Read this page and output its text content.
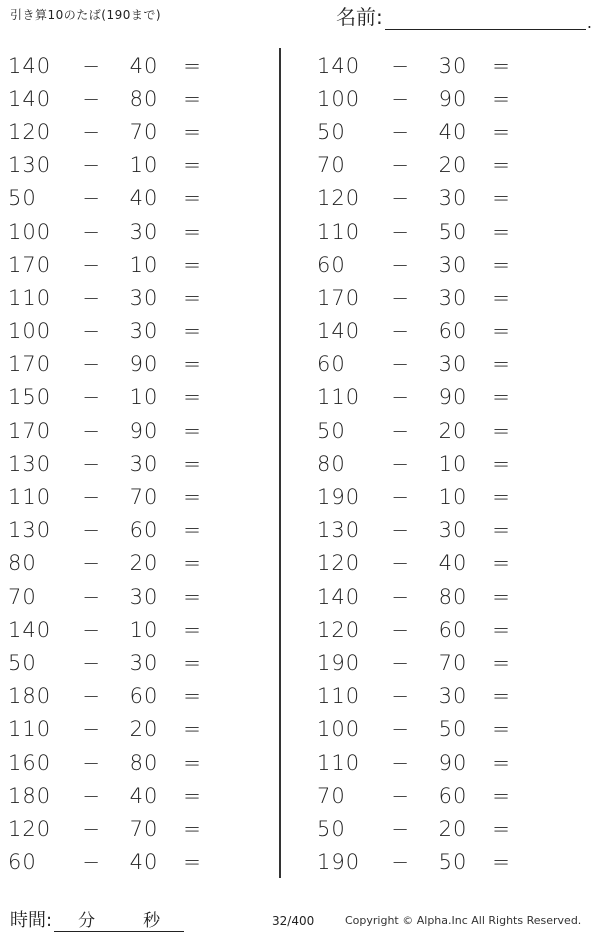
引き算10のたば(190まで)	名前:	.
140	−	40	=
140	−	80	=
120	−	70	=
130	−	10	=
50	−	40	=
100	−	30	=
170	−	10	=
110	−	30	=
100	−	30	=
170	−	90	=
150	−	10	=
170	−	90	=
130	−	30	=
110	−	70	=
130	−	60	=
80	−	20	=
70	−	30	=
140	−	10	=
50	−	30	=
180	−	60	=
110	−	20	=
160	−	80	=
180	−	40	=
120	−	70	=
60	−	40	=
140	−	30	=
100	−	90	=
50	−	40	=
70	−	20	=
120	−	30	=
110	−	50	=
60	−	30	=
170	−	30	=
140	−	60	=
60	−	30	=
110	−	90	=
50	−	20	=
80	−	10	=
190	−	10	=
130	−	30	=
120	−	40	=
140	−	80	=
120	−	60	=
190	−	70	=
110	−	30	=
100	−	50	=
110	−	90	=
70	−	60	=
50	−	20	=
190	−	50	=
時間: 分	秒	32/400	Copyright © Alpha.Inc All Rights Reserved.
